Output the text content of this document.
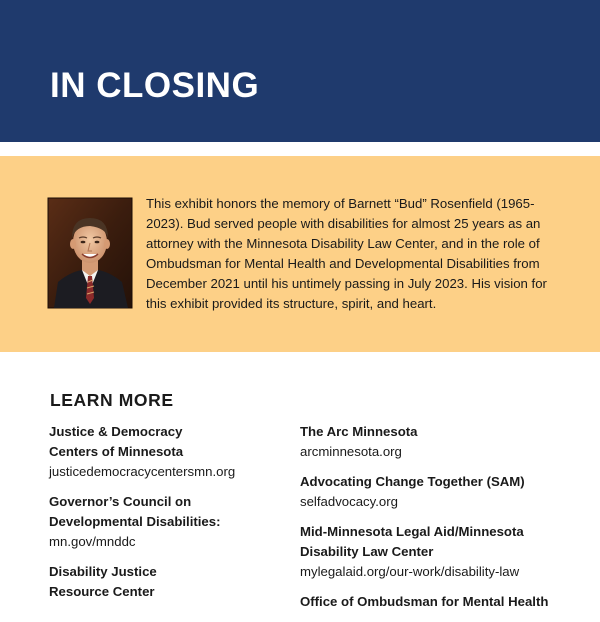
IN CLOSING

This exhibit honors the memory of Barnett “Bud” Rosenfield (1965-2023). Bud served people with disabilities for almost 25 years as an attorney with the Minnesota Disability Law Center, and in the role of Ombudsman for Mental Health and Developmental Disabilities from December 2021 until his untimely passing in July 2023. His vision for this exhibit provided its structure, spirit, and heart.

LEARN MORE
Justice & Democracy
Centers of Minnesota
justicedemocracycentersmn.org
Governor’s Council on
Developmental Disabilities:
mn.gov/mnddc
Disability Justice
Resource Center
The Arc Minnesota
arcminnesota.org
Advocating Change Together (SAM)
selfadvocacy.org
Mid-Minnesota Legal Aid/Minnesota
Disability Law Center
mylegalaid.org/our-work/disability-law
Office of Ombudsman for Mental Health
